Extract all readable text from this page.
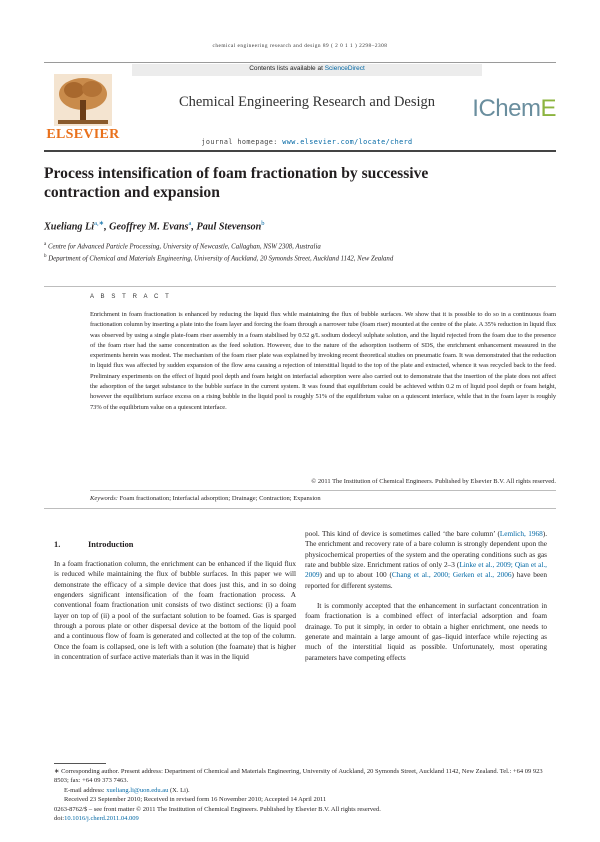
chemical engineering research and design 89 ( 2 0 1 1 ) 2298–2308
ELSEVIER
Contents lists available at ScienceDirect
Chemical Engineering Research and Design
journal homepage: www.elsevier.com/locate/cherd
IChemE
Process intensification of foam fractionation by successive
contraction and expansion
Xueliang $Li^{a,∗}$, Geoffrey M. Evans$^a$, Paul Stevenson$^b$
$^a$ Centre for Advanced Particle Processing, University of Newcastle, Callaghan, NSW 2308, Australia
$^b$ Department of Chemical and Materials Engineering, University of Auckland, 20 Symonds Street, Auckland 1142, New Zealand
A B S T R A C T
Enrichment in foam fractionation is enhanced by reducing the liquid flux while maintaining the flux of bubble surfaces. We show that it is possible to do so in a continuous foam fractionation column by inserting a plate into the foam layer and forcing the foam through a narrower tube (foam riser) mounted at the centre of the plate. A 35% reduction in liquid flux was observed by using a single plate-foam riser assembly in a foam stabilised by 0.52 g/L sodium dodecyl sulphate solution, and the liquid rejected from the foam due to the presence of the foam riser had the same concentration as the feed solution. However, due to the nature of the adsorption isotherm of SDS, the enrichment enhancement measured in the experiments herein was modest. The mechanism of the foam riser plate was explained by invoking recent theoretical studies on pneumatic foam. It was demonstrated that the reduction in liquid flux was affected by sudden expansion of the flow area causing a rejection of interstitial liquid to the top of the plate and extracted, whence it was recycled back to the feed. Preliminary experiments on the effect of liquid pool depth and foam height on interfacial adsorption were also carried out to demonstrate that the insertion of the plate does not affect the adsorption of the target substance to the bubble surface in the current system. It was found that equilibrium could be achieved within 0.2 m of liquid pool depth or foam height, however the equilibrium surface excess on a rising bubble in the liquid pool is roughly 51% of the equilibrium value on a quiescent interface, while that in the foam layer is roughly 73% of the equilibrium value on a quiescent interface.
© 2011 The Institution of Chemical Engineers. Published by Elsevier B.V. All rights reserved.
Keywords: Foam fractionation; Interfacial adsorption; Drainage; Contraction; Expansion
1.	Introduction

In a foam fractionation column, the enrichment can be enhanced if the liquid flux is reduced while maintaining the flux of bubble surfaces. In this paper we will demonstrate the efficacy of a simple device that does just this, and in so doing engenders significant intensification of the foam fractionation process. A conventional foam fractionation unit consists of two distinct sections: (i) a foam layer on top of (ii) a pool of the surfactant solution to be foamed. Gas is sparged through a porous plate or other dispersal device at the bottom of the liquid pool and a continuous flow of foam is generated and collected at the top of the column. Once the foam is collapsed, one is left with a solution (the foamate) that is higher in concentration of surface active materials than it was in the liquid

pool. This kind of device is sometimes called ‘the bare column’ (Lemlich, 1968). The enrichment and recovery rate of a bare column is strongly dependent upon the physicochemical properties of the system and the operating conditions such as gas rate and bubble size. Enrichment ratios of only 2–3 (Linke et al., 2009; Qian et al., 2009) and up to about 100 (Chang et al., 2000; Gerken et al., 2006) have been reported for different systems.

It is commonly accepted that the enhancement in surfactant concentration in foam fractionation is a combined effect of interfacial adsorption and foam drainage. To put it simply, in order to obtain a higher enrichment, one needs to generate and maintain a large amount of gas–liquid interface while rejecting as much of the interstitial liquid as possible. Unfortunately, most operating parameters have competing effects

∗ Corresponding author. Present address: Department of Chemical and Materials Engineering, University of Auckland, 20 Symonds Street, Auckland 1142, New Zealand. Tel.: +64 09 923 8503; fax: +64 09 373 7463.
E-mail address: xueliang.li@uon.edu.au (X. Li).
Received 23 September 2010; Received in revised form 16 November 2010; Accepted 14 April 2011
0263-8762/$ – see front matter © 2011 The Institution of Chemical Engineers. Published by Elsevier B.V. All rights reserved.
doi:10.1016/j.cherd.2011.04.009
